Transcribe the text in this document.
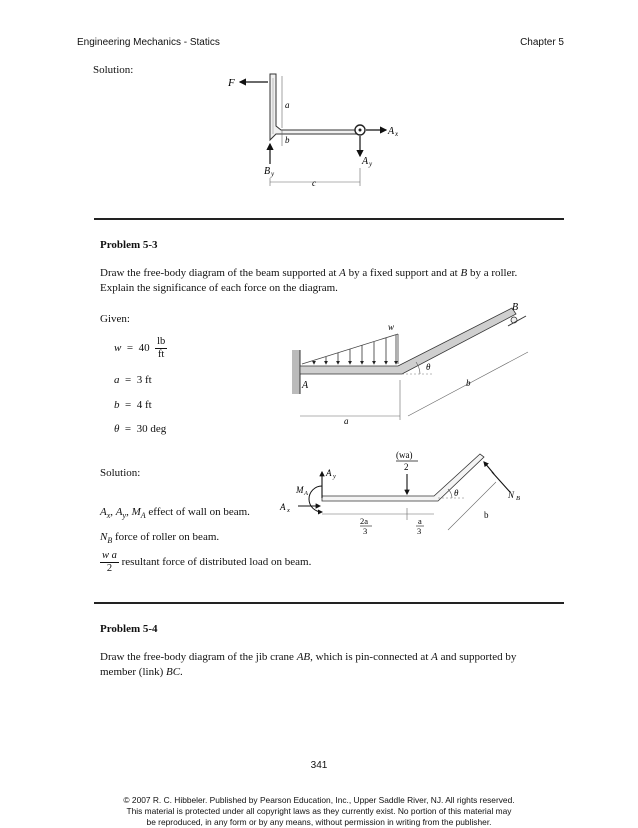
Engineering Mechanics - Statics	Chapter 5
Solution:
F
A x
A y
B y
a
b
c
Problem 5-3
Draw the free-body diagram of the beam supported at A by a fixed support and at B by a roller.
Explain the significance of each force on the diagram.
Given:
$w = 40 \frac{lb}{ft}$
a = 3 ft
b = 4 ft
θ = 30 deg
B
w
A
θ
a
b
Solution:
(wa)
2
M A
A y
A x
θ	N B
2a
3
a
3
b
$A_x$, $A_y$, $M_A$ effect of wall on beam.
$N_B$ force of roller on beam.
$\frac{\text{w a}}{2}$ resultant force of distributed load on beam.
Problem 5-4
Draw the free-body diagram of the jib crane AB, which is pin-connected at A and supported by
member (link) BC.
341
© 2007 R. C. Hibbeler. Published by Pearson Education, Inc., Upper Saddle River, NJ. All rights reserved.
This material is protected under all copyright laws as they currently exist. No portion of this material may
be reproduced, in any form or by any means, without permission in writing from the publisher.
